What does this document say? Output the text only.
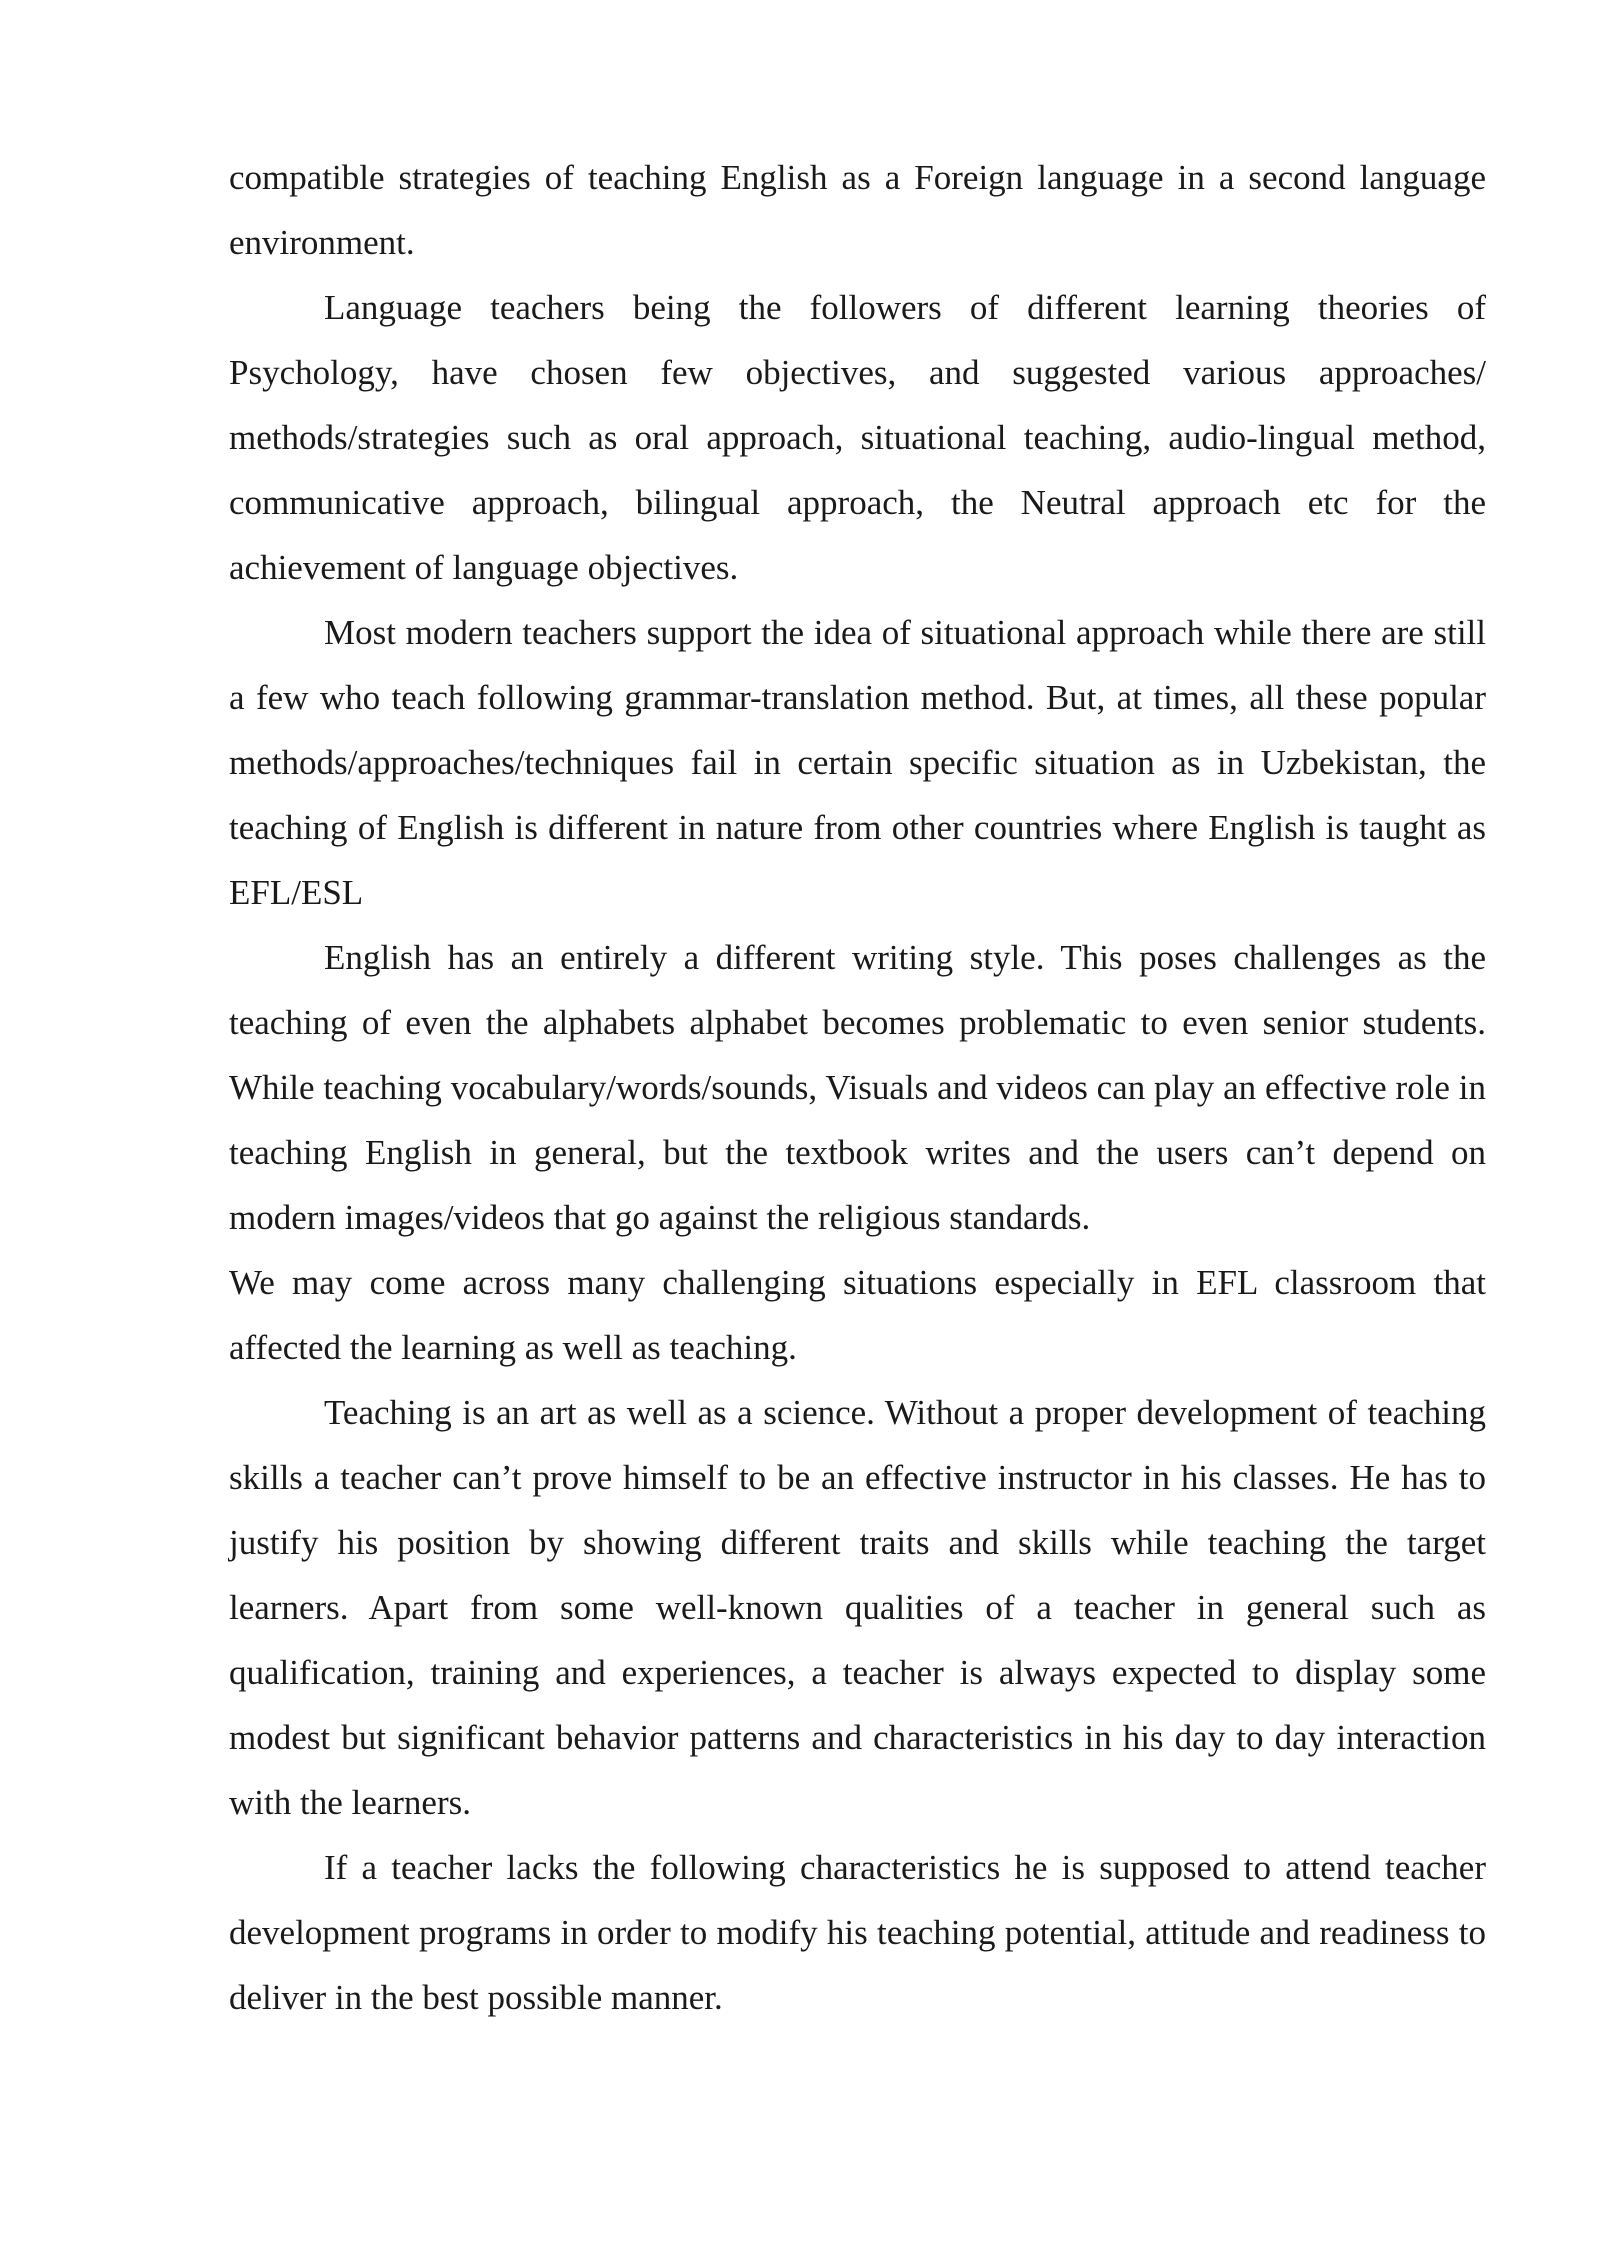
compatible strategies of teaching English as a Foreign language in a second language environment.

Language teachers being the followers of different learning theories of Psychology, have chosen few objectives, and suggested various approaches/ methods/strategies such as oral approach, situational teaching, audio-lingual method, communicative approach, bilingual approach, the Neutral approach etc for the achievement of language objectives.

Most modern teachers support the idea of situational approach while there are still a few who teach following grammar-translation method. But, at times, all these popular methods/approaches/techniques fail in certain specific situation as in Uzbekistan, the teaching of English is different in nature from other countries where English is taught as EFL/ESL

English has an entirely a different writing style. This poses challenges as the teaching of even the alphabets alphabet becomes problematic to even senior students. While teaching vocabulary/words/sounds, Visuals and videos can play an effective role in teaching English in general, but the textbook writes and the users can’t depend on modern images/videos that go against the religious standards.

We may come across many challenging situations especially in EFL classroom that affected the learning as well as teaching.

Teaching is an art as well as a science. Without a proper development of teaching skills a teacher can’t prove himself to be an effective instructor in his classes. He has to justify his position by showing different traits and skills while teaching the target learners. Apart from some well-known qualities of a teacher in general such as qualification, training and experiences, a teacher is always expected to display some modest but significant behavior patterns and characteristics in his day to day interaction with the learners.

If a teacher lacks the following characteristics he is supposed to attend teacher development programs in order to modify his teaching potential, attitude and readiness to deliver in the best possible manner.
